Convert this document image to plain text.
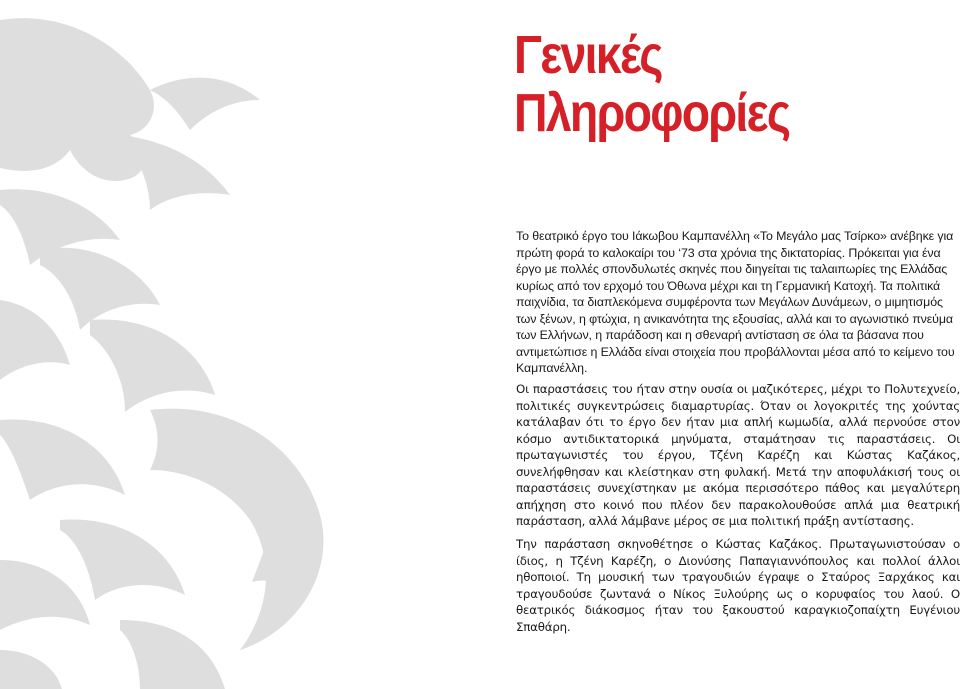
Γενικές
Πληροφορίες

Το θεατρικό έργο του Ιάκωβου Καμπανέλλη «Το Μεγάλο μας Τσίρκο» ανέβηκε για πρώτη φορά το καλοκαίρι του ‘73 στα χρόνια της δικτατορίας. Πρόκειται για ένα έργο με πολλές σπονδυλωτές σκηνές που διηγείται τις ταλαιπωρίες της Ελλάδας κυρίως από τον ερχομό του Όθωνα μέχρι και τη Γερμανική Κατοχή. Τα πολιτικά παιχνίδια, τα διαπλεκόμενα συμφέροντα των Μεγάλων Δυνάμεων, ο μιμητισμός των ξένων, η φτώχια, η ανικανότητα της εξουσίας, αλλά και το αγωνιστικό πνεύμα των Ελλήνων, η παράδοση και η σθεναρή αντίσταση σε όλα τα βάσανα που αντιμετώπισε η Ελλάδα είναι στοιχεία που προβάλλονται μέσα από το κείμενο του Καμπανέλλη.

Οι παραστάσεις του ήταν στην ουσία οι μαζικότερες, μέχρι το Πολυτεχνείο, πολιτικές συγκεντρώσεις διαμαρτυρίας. Όταν οι λογοκριτές της χούντας κατάλαβαν ότι το έργο δεν ήταν μια απλή κωμωδία, αλλά περνούσε στον κόσμο αντιδικτατορικά μηνύματα, σταμάτησαν τις παραστάσεις. Οι πρωταγωνιστές του έργου, Τζένη Καρέζη και Κώστας Καζάκος, συνελήφθησαν και κλείστηκαν στη φυλακή. Μετά την αποφυλάκισή τους οι παραστάσεις συνεχίστηκαν με ακόμα περισσότερο πάθος και μεγαλύτερη απήχηση στο κοινό που πλέον δεν παρακολουθούσε απλά μια θεατρική παράσταση, αλλά λάμβανε μέρος σε μια πολιτική πράξη αντίστασης.

Την παράσταση σκηνοθέτησε ο Κώστας Καζάκος. Πρωταγωνιστούσαν ο ίδιος, η Τζένη Καρέζη, ο Διονύσης Παπαγιαννόπουλος και πολλοί άλλοι ηθοποιοί. Τη μουσική των τραγουδιών έγραψε ο Σταύρος Ξαρχάκος και τραγουδούσε ζωντανά ο Νίκος Ξυλούρης ως ο κορυφαίος του λαού. Ο θεατρικός διάκοσμος ήταν του ξακουστού καραγκιοζοπαίχτη Ευγένιου Σπαθάρη.
